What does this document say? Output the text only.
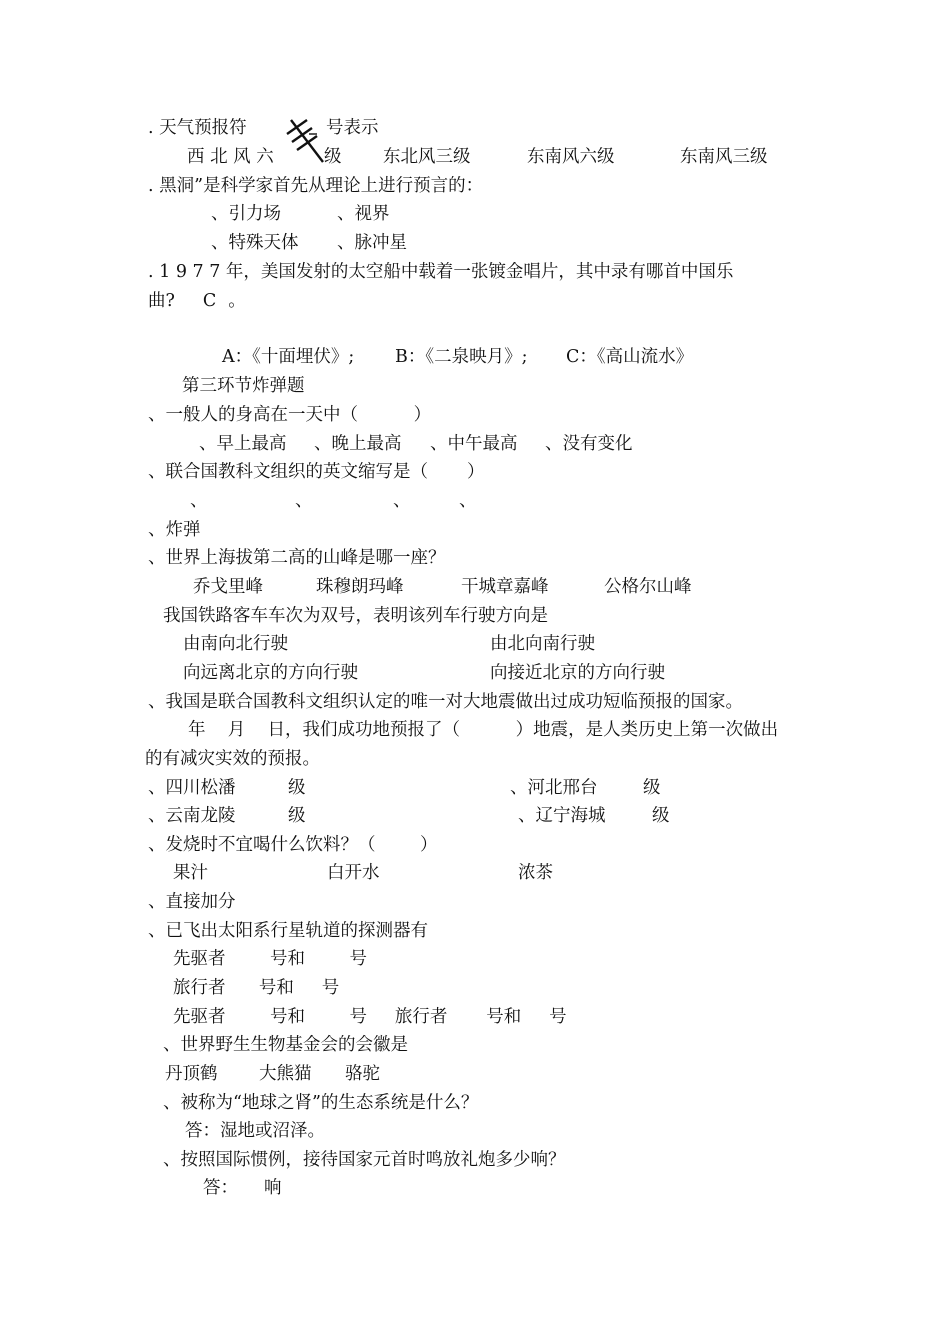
. 天气预报符	号表示
西 北 风 六	级 东北风三级	东南风六级	东南风三级
. 黑洞”是科学家首先从理论上进行预言的：
、引力场	、视界
、特殊天体 、脉冲星
. 1 9 7 7 年，美国发射的太空船中载着一张镀金唱片，其中录有哪首中国乐
曲? C 。
A：《十面埋伏》; B：《二泉映月》; C：《高山流水》
第三环节炸弹题
、一般人的身高在一天中（          ）
、早上最高 、晚上最高 、中午最高 、没有变化
、联合国教科文组织的英文缩写是（       ）
、	、	、	、
、炸弹
、世界上海拔第二高的山峰是哪一座？
乔戈里峰	珠穆朗玛峰	干城章嘉峰	公格尔山峰
我国铁路客车车次为双号，表明该列车行驶方向是
由南向北行驶	由北向南行驶
向远离北京的方向行驶	向接近北京的方向行驶
、我国是联合国教科文组织认定的唯一对大地震做出过成功短临预报的国家。
年    月    日，我们成功地预报了（          ）地震，是人类历史上第一次做出
的有减灾实效的预报。
、四川松潘	级	、河北邢台	级
、云南龙陵	级	、辽宁海城	级
、发烧时不宜喝什么饮料？（        ）
果汁	白开水	浓茶
、直接加分
、已飞出太阳系行星轨道的探测器有
先驱者        号和        号
旅行者      号和     号
先驱者        号和        号     旅行者       号和     号
、世界野生生物基金会的会徽是
丹顶鹤 大熊猫 骆驼
、被称为“地球之肾”的生态系统是什么？
答：湿地或沼泽。
、按照国际惯例，接待国家元首时鸣放礼炮多少响？
答： 响
